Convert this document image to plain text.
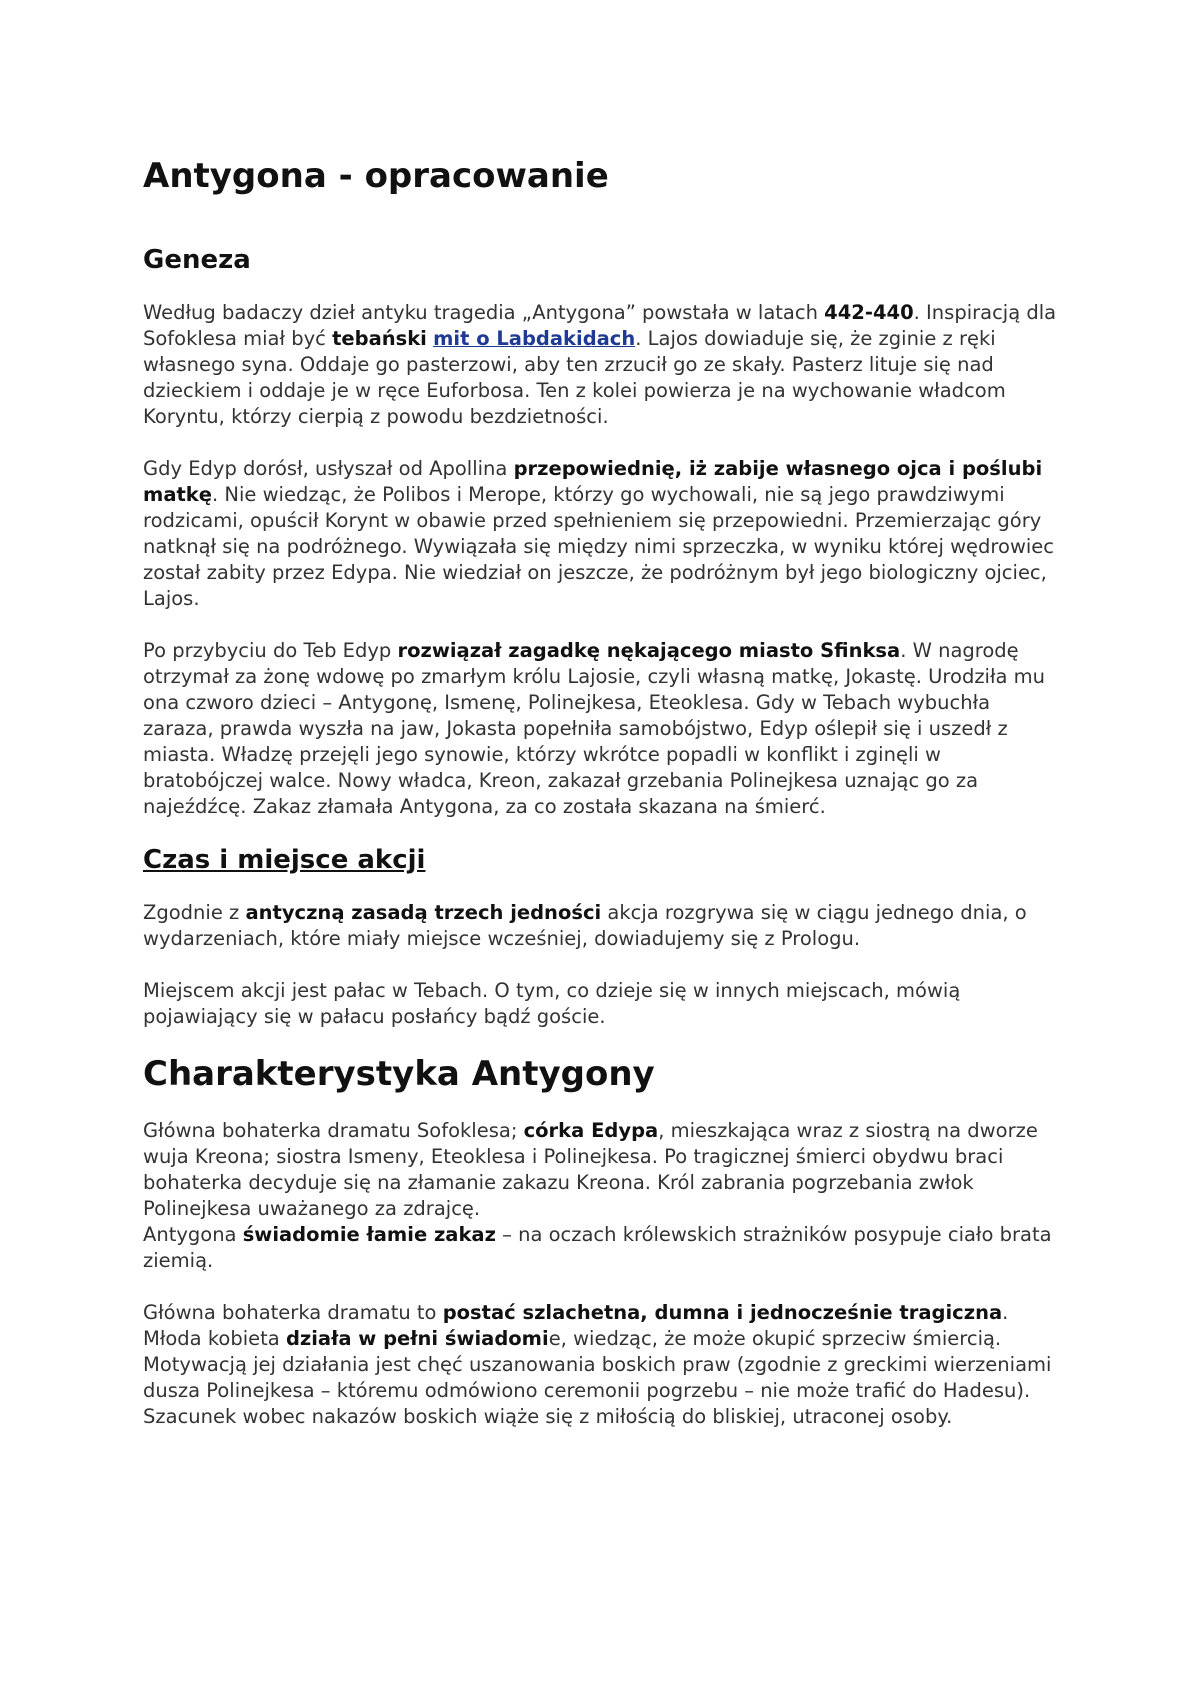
Antygona - opracowanie
Geneza

Według badaczy dzieł antyku tragedia „Antygona” powstała w latach 442-440. Inspiracją dla Sofoklesa miał być tebański mit o Labdakidach. Lajos dowiaduje się, że zginie z ręki własnego syna. Oddaje go pasterzowi, aby ten zrzucił go ze skały. Pasterz lituje się nad dzieckiem i oddaje je w ręce Euforbosa. Ten z kolei powierza je na wychowanie władcom Koryntu, którzy cierpią z powodu bezdzietności.

Gdy Edyp dorósł, usłyszał od Apollina przepowiednię, iż zabije własnego ojca i poślubi matkę. Nie wiedząc, że Polibos i Merope, którzy go wychowali, nie są jego prawdziwymi rodzicami, opuścił Korynt w obawie przed spełnieniem się przepowiedni. Przemierzając góry natknął się na podróżnego. Wywiązała się między nimi sprzeczka, w wyniku której wędrowiec został zabity przez Edypa. Nie wiedział on jeszcze, że podróżnym był jego biologiczny ojciec, Lajos.

Po przybyciu do Teb Edyp rozwiązał zagadkę nękającego miasto Sfinksa. W nagrodę otrzymał za żonę wdowę po zmarłym królu Lajosie, czyli własną matkę, Jokastę. Urodziła mu ona czworo dzieci – Antygonę, Ismenę, Polinejkesa, Eteoklesa. Gdy w Tebach wybuchła zaraza, prawda wyszła na jaw, Jokasta popełniła samobójstwo, Edyp oślepił się i uszedł z miasta. Władzę przejęli jego synowie, którzy wkrótce popadli w konflikt i zginęli w bratobójczej walce. Nowy władca, Kreon, zakazał grzebania Polinejkesa uznając go za najeźdźcę. Zakaz złamała Antygona, za co została skazana na śmierć.

Czas i miejsce akcji

Zgodnie z antyczną zasadą trzech jedności akcja rozgrywa się w ciągu jednego dnia, o wydarzeniach, które miały miejsce wcześniej, dowiadujemy się z Prologu.

Miejscem akcji jest pałac w Tebach. O tym, co dzieje się w innych miejscach, mówią pojawiający się w pałacu posłańcy bądź goście.

Charakterystyka Antygony

Główna bohaterka dramatu Sofoklesa; córka Edypa, mieszkająca wraz z siostrą na dworze wuja Kreona; siostra Ismeny, Eteoklesa i Polinejkesa. Po tragicznej śmierci obydwu braci bohaterka decyduje się na złamanie zakazu Kreona. Król zabrania pogrzebania zwłok Polinejkesa uważanego za zdrajcę.
Antygona świadomie łamie zakaz – na oczach królewskich strażników posypuje ciało brata ziemią.

Główna bohaterka dramatu to postać szlachetna, dumna i jednocześnie tragiczna. Młoda kobieta działa w pełni świadomie, wiedząc, że może okupić sprzeciw śmiercią. Motywacją jej działania jest chęć uszanowania boskich praw (zgodnie z greckimi wierzeniami dusza Polinejkesa – któremu odmówiono ceremonii pogrzebu – nie może trafić do Hadesu). Szacunek wobec nakazów boskich wiąże się z miłością do bliskiej, utraconej osoby.
